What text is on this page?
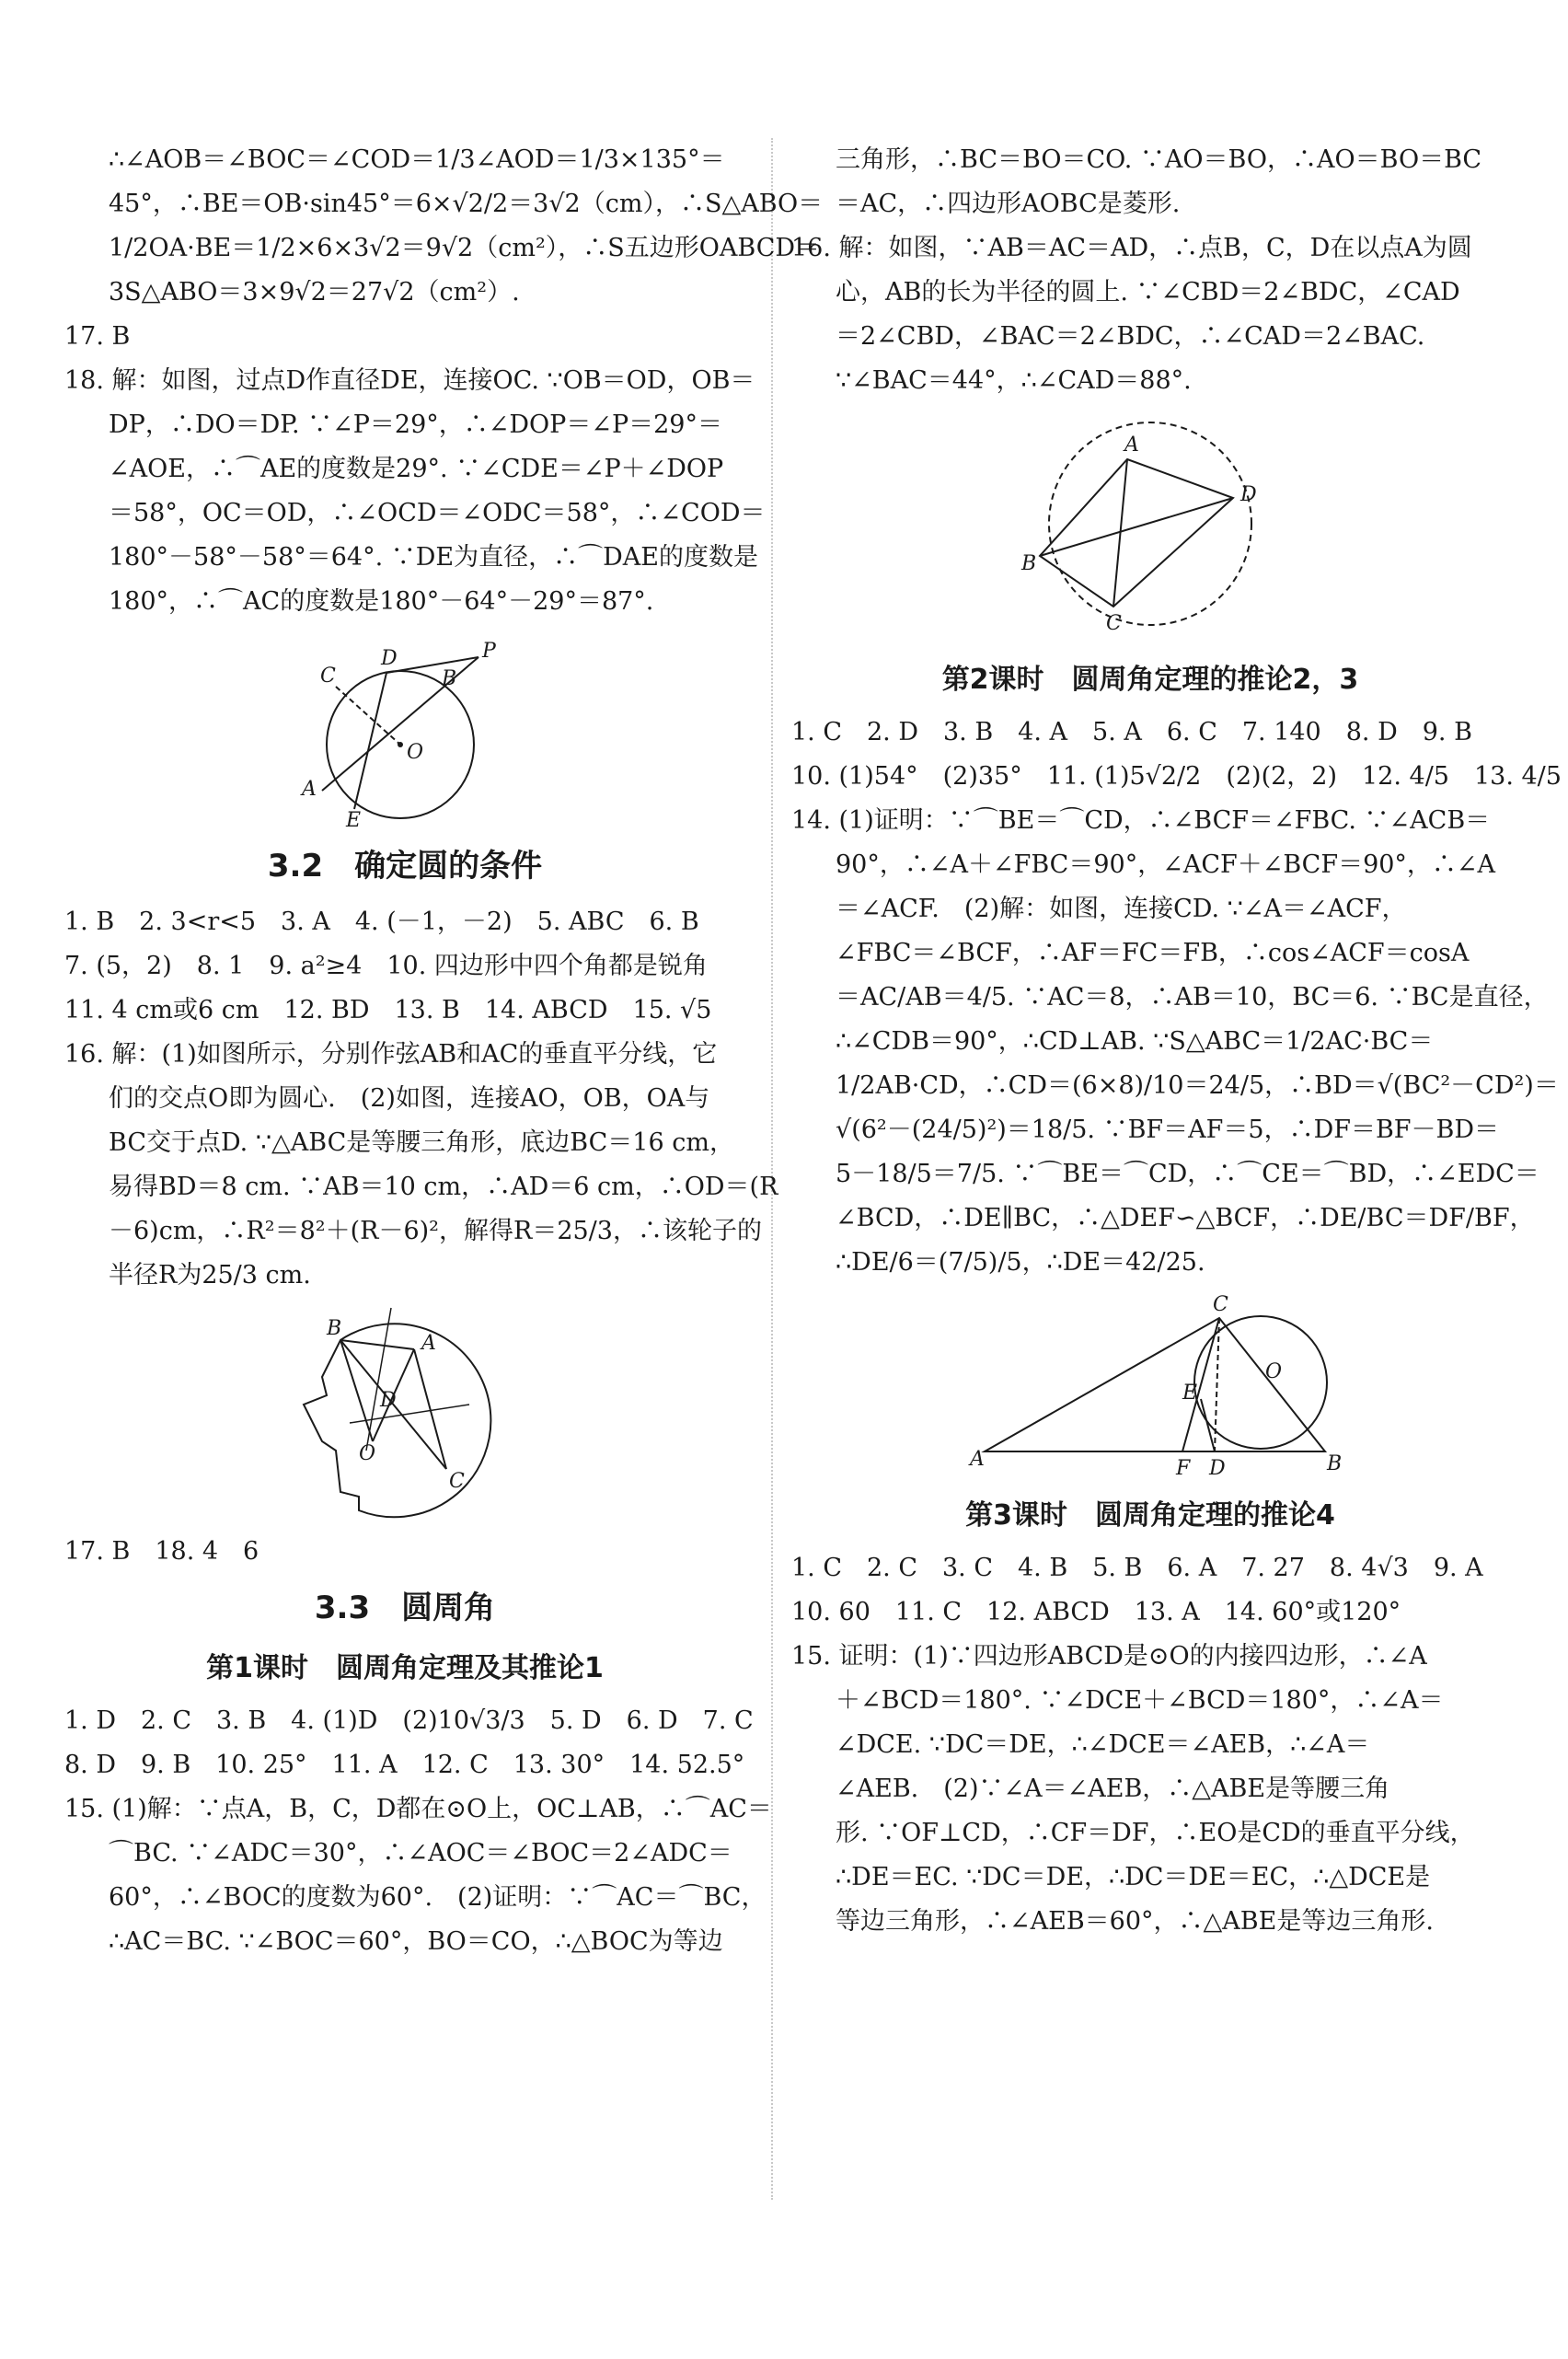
∴∠AOB＝∠BOC＝∠COD＝1/3∠AOD＝1/3×135°＝
45°，∴BE＝OB·sin45°＝6×√2/2＝3√2（cm），∴S△ABO＝
1/2OA·BE＝1/2×6×3√2＝9√2（cm²），∴S五边形OABCD＝
3S△ABO＝3×9√2＝27√2（cm²）.
17. B
18. 解：如图，过点D作直径DE，连接OC. ∵OB＝OD，OB＝
DP，∴DO＝DP. ∵∠P＝29°，∴∠DOP＝∠P＝29°＝
∠AOE，∴⌒AE的度数是29°. ∵∠CDE＝∠P＋∠DOP
＝58°，OC＝OD，∴∠OCD＝∠ODC＝58°，∴∠COD＝
180°－58°－58°＝64°. ∵DE为直径，∴⌒DAE的度数是
180°，∴⌒AC的度数是180°－64°－29°＝87°.
C
D	P
B
O
A
E
3.2　确定圆的条件
1. B　2. 3<r<5　3. A　4. (－1，－2)　5. ABC　6. B
7. (5，2)　8. 1　9. a²≥4　10. 四边形中四个角都是锐角
11. 4 cm或6 cm　12. BD　13. B　14. ABCD　15. √5
16. 解：(1)如图所示，分别作弦AB和AC的垂直平分线，它
们的交点O即为圆心.　(2)如图，连接AO，OB，OA与
BC交于点D. ∵△ABC是等腰三角形，底边BC＝16 cm，
易得BD＝8 cm. ∵AB＝10 cm，∴AD＝6 cm，∴OD＝(R
－6)cm，∴R²＝8²＋(R－6)²，解得R＝25/3，∴该轮子的
半径R为25/3 cm.
B
A
D
O
C
17. B　18. 4　6
3.3　圆周角
第1课时　圆周角定理及其推论1
1. D　2. C　3. B　4. (1)D　(2)10√3/3　5. D　6. D　7. C
8. D　9. B　10. 25°　11. A　12. C　13. 30°　14. 52.5°
15. (1)解：∵点A，B，C，D都在⊙O上，OC⊥AB，∴⌒AC＝
⌒BC. ∵∠ADC＝30°，∴∠AOC＝∠BOC＝2∠ADC＝
60°，∴∠BOC的度数为60°.　(2)证明：∵⌒AC＝⌒BC，
∴AC＝BC. ∵∠BOC＝60°，BO＝CO，∴△BOC为等边
三角形，∴BC＝BO＝CO. ∵AO＝BO，∴AO＝BO＝BC
＝AC，∴四边形AOBC是菱形.
16. 解：如图，∵AB＝AC＝AD，∴点B，C，D在以点A为圆
心，AB的长为半径的圆上. ∵∠CBD＝2∠BDC，∠CAD
＝2∠CBD，∠BAC＝2∠BDC，∴∠CAD＝2∠BAC.
∵∠BAC＝44°，∴∠CAD＝88°.
A
D
B
C
第2课时　圆周角定理的推论2，3
1. C　2. D　3. B　4. A　5. A　6. C　7. 140　8. D　9. B
10. (1)54°　(2)35°　11. (1)5√2/2　(2)(2，2)　12. 4/5　13. 4/5
14. (1)证明：∵⌒BE＝⌒CD，∴∠BCF＝∠FBC. ∵∠ACB＝
90°，∴∠A＋∠FBC＝90°，∠ACF＋∠BCF＝90°，∴∠A
＝∠ACF.　(2)解：如图，连接CD. ∵∠A＝∠ACF，
∠FBC＝∠BCF，∴AF＝FC＝FB，∴cos∠ACF＝cosA
＝AC/AB＝4/5. ∵AC＝8，∴AB＝10，BC＝6. ∵BC是直径，
∴∠CDB＝90°，∴CD⊥AB. ∵S△ABC＝1/2AC·BC＝
1/2AB·CD，∴CD＝(6×8)/10＝24/5，∴BD＝√(BC²－CD²)＝
√(6²－(24/5)²)＝18/5. ∵BF＝AF＝5，∴DF＝BF－BD＝
5－18/5＝7/5. ∵⌒BE＝⌒CD，∴⌒CE＝⌒BD，∴∠EDC＝
∠BCD，∴DE∥BC，∴△DEF∽△BCF，∴DE/BC＝DF/BF，
∴DE/6＝(7/5)/5，∴DE＝42/25.
C
O
E
A	F D	B
第3课时　圆周角定理的推论4
1. C　2. C　3. C　4. B　5. B　6. A　7. 27　8. 4√3　9. A
10. 60　11. C　12. ABCD　13. A　14. 60°或120°
15. 证明：(1)∵四边形ABCD是⊙O的内接四边形，∴∠A
＋∠BCD＝180°. ∵∠DCE＋∠BCD＝180°，∴∠A＝
∠DCE. ∵DC＝DE，∴∠DCE＝∠AEB，∴∠A＝
∠AEB.　(2)∵∠A＝∠AEB，∴△ABE是等腰三角
形. ∵OF⊥CD，∴CF＝DF，∴EO是CD的垂直平分线，
∴DE＝EC. ∵DC＝DE，∴DC＝DE＝EC，∴△DCE是
等边三角形，∴∠AEB＝60°，∴△ABE是等边三角形.
